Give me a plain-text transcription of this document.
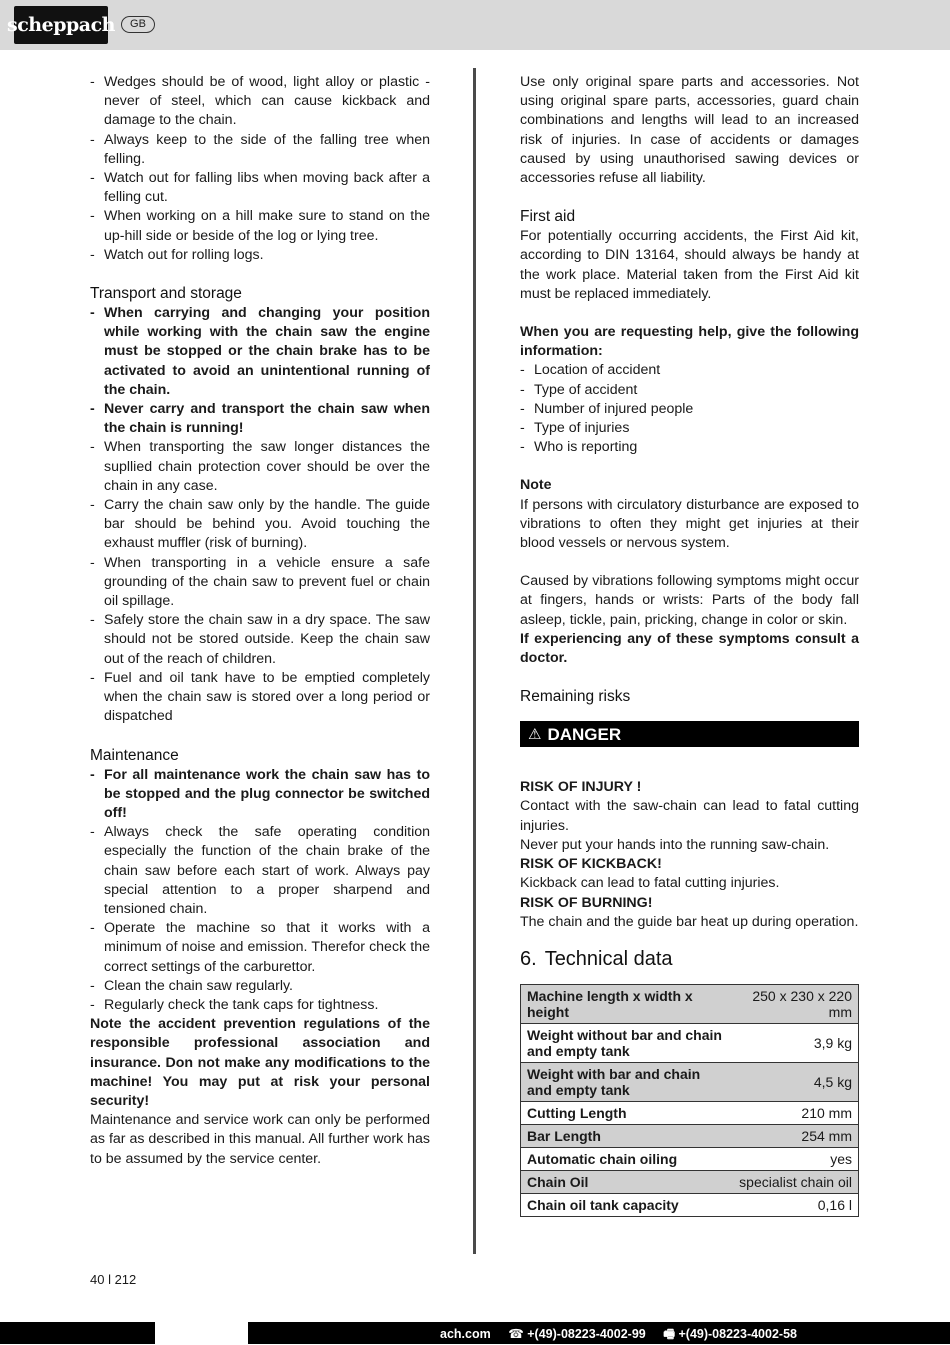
scheppach	GB
- Wedges should be of wood, light alloy or plastic - never of steel, which can cause kickback and damage to the chain.
- Always keep to the side of the falling tree when felling.
- Watch out for falling libs when moving back after a felling cut.
- When working on a hill make sure to stand on the up-hill side or beside of the log or lying tree.
- Watch out for rolling logs.
Transport and storage
- When carrying and changing your position while working with the chain saw the engine must be stopped or the chain brake has to be activated to avoid an unintentional running of the chain.
- Never carry and transport the chain saw when the chain is running!
- When transporting the saw longer distances the supllied chain protection cover should be over the chain in any case.
- Carry the chain saw only by the handle. The guide bar should be behind you. Avoid touching the exhaust muffler (risk of burning).
- When transporting in a vehicle ensure a safe grounding of the chain saw to prevent fuel or chain oil spillage.
- Safely store the chain saw in a dry space. The saw should not be stored outside. Keep the chain saw out of the reach of children.
- Fuel and oil tank have to be emptied completely when the chain saw is stored over a long period or dispatched
Maintenance
- For all maintenance work the chain saw has to be stopped and the plug connector be switched off!
- Always check the safe operating condition especially the function of the chain brake of the chain saw before each start of work. Always pay special attention to a proper sharpend and tensioned chain.
- Operate the machine so that it works with a minimum of noise and emission. Therefor check the correct settings of the carburettor.
- Clean the chain saw regularly.
- Regularly check the tank caps for tightness.

Note the accident prevention regulations of the responsible professional association and insurance. Don not make any modifications to the machine! You may put at risk your personal security!

Maintenance and service work can only be performed as far as described in this manual. All further work has to be assumed by the service center.

Use only original spare parts and accessories. Not using original spare parts, accessories, guard chain combinations and lengths will lead to an increased risk of injuries. In case of accidents or damages caused by using unauthorised sawing devices or accessories refuse all liability.

First aid

For potentially occurring accidents, the First Aid kit, according to DIN 13164, should always be handy at the work place. Material taken from the First Aid kit must be replaced immediately.

When you are requesting help, give the following information:

- Location of accident
- Type of accident
- Number of injured people
- Type of injuries
- Who is reporting

Note

If persons with circulatory disturbance are exposed to vibrations to often they might get injuries at their blood vessels or nervous system.

Caused by vibrations following symptoms might occur at fingers, hands or wrists: Parts of the body fall asleep, tickle, pain, pricking, change in color or skin.

If experiencing any of these symptoms consult a doctor.

Remaining risks
⚠ DANGER

RISK OF INJURY !

Contact with the saw-chain can lead to fatal cutting injuries.

Never put your hands into the running saw-chain.

RISK OF KICKBACK!

Kickback can lead to fatal cutting injuries.

RISK OF BURNING!

The chain and the guide bar heat up during operation.

6. Technical data
Machine length x width x height	250 x 230 x 220 mm
Weight without bar and chain and empty tank	3,9 kg
Weight with bar and chain and empty tank	4,5 kg
Cutting Length	210 mm
Bar Length	254 mm
Automatic chain oiling	yes
Chain Oil	specialist chain oil
Chain oil tank capacity	0,16 l
40 l 212
ach.com ☎ +(49)-08223-4002-99 🖷 +(49)-08223-4002-58
